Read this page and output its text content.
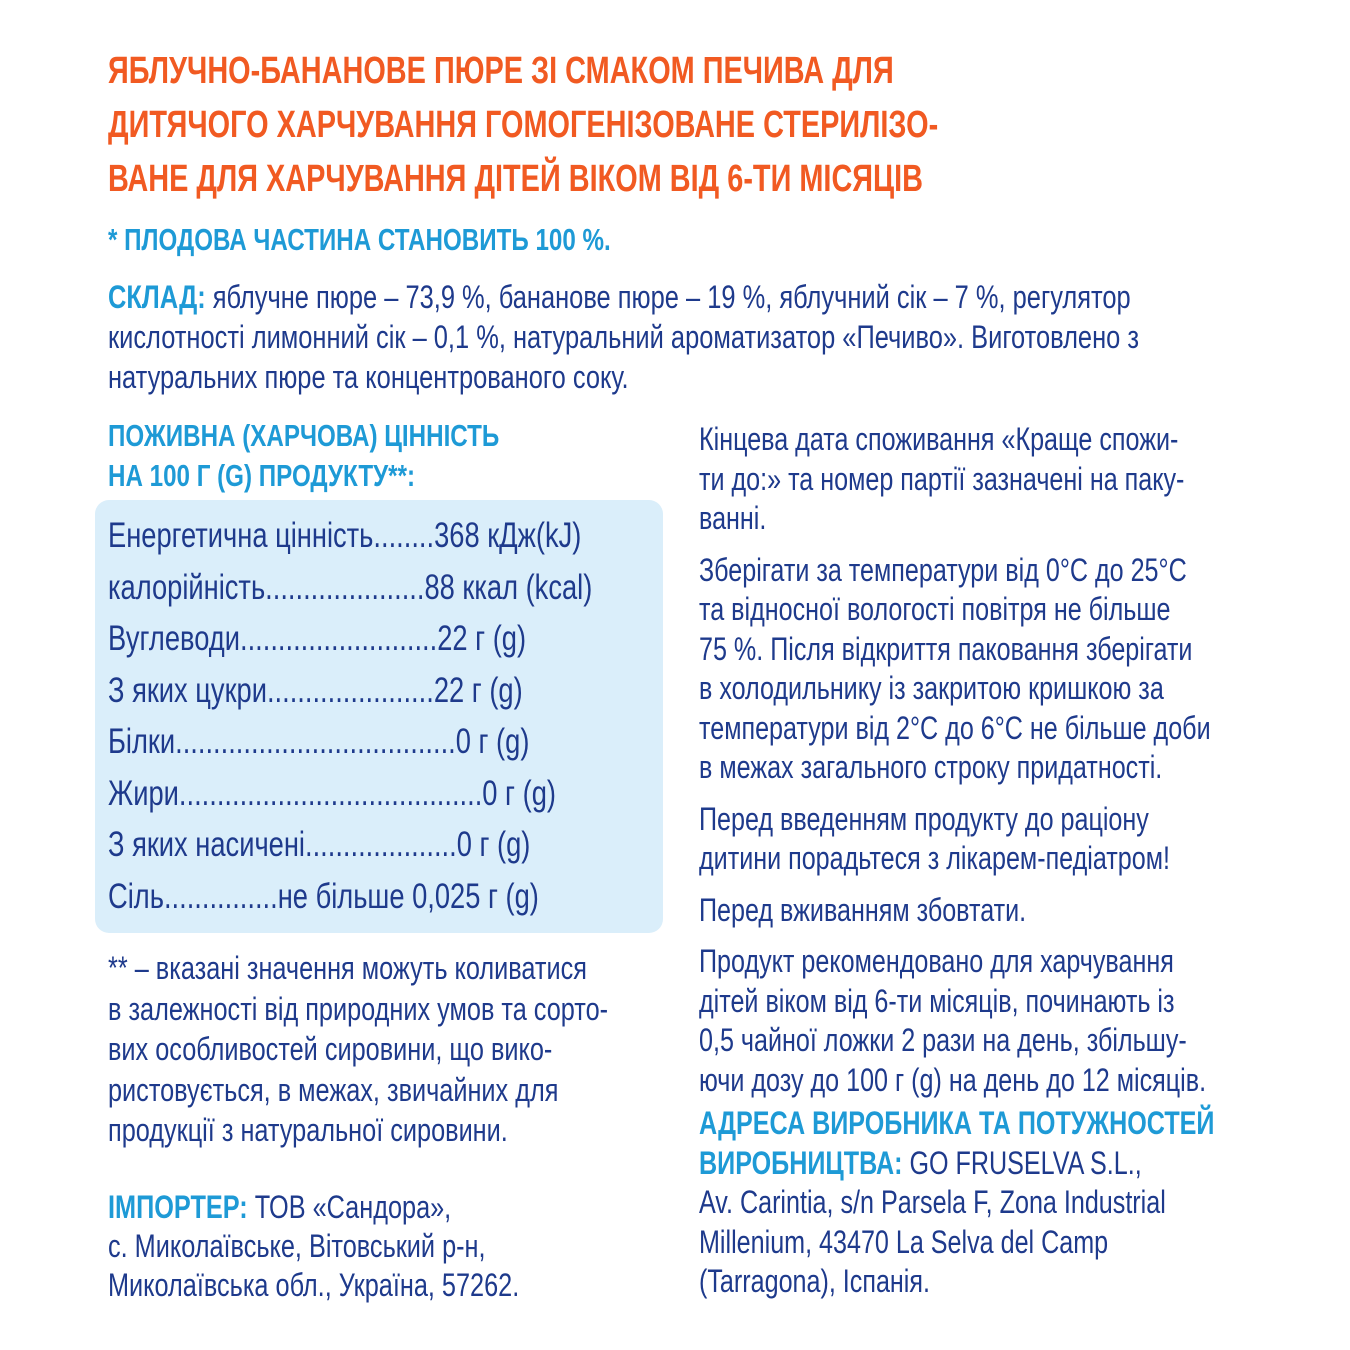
ЯБЛУЧНО-БАНАНОВЕ ПЮРЕ ЗІ СМАКОМ ПЕЧИВА ДЛЯ
ДИТЯЧОГО ХАРЧУВАННЯ ГОМОГЕНІЗОВАНЕ СТЕРИЛІЗО-
ВАНЕ ДЛЯ ХАРЧУВАННЯ ДІТЕЙ ВІКОМ ВІД 6-ТИ МІСЯЦІВ
* ПЛОДОВА ЧАСТИНА СТАНОВИТЬ 100 %.
СКЛАД: яблучне пюре – 73,9 %, бананове пюре – 19 %, яблучний сік – 7 %, регулятор
кислотності лимонний сік – 0,1 %, натуральний ароматизатор «Печиво». Виготовлено з
натуральних пюре та концентрованого соку.
ПОЖИВНА (ХАРЧОВА) ЦІННІСТЬ
НА 100 Г (G) ПРОДУКТУ**:
Енергетична цінність ........ 368 кДж(kJ)
калорійність ..................... 88 ккал (kcal)
Вуглеводи .......................... 22 г (g)
З яких цукри ...................... 22 г (g)
Білки ..................................... 0 г (g)
Жири ........................................ 0 г (g)
З яких насичені .................... 0 г (g)
Сіль ............... не більше 0,025 г (g)
** – вказані значення можуть коливатися
в залежності від природних умов та сорто-
вих особливостей сировини, що вико-
ристовується, в межах, звичайних для
продукції з натуральної сировини.
ІМПОРТЕР: ТОВ «Сандора»,
с. Миколаївське, Вітовський р-н,
Миколаївська обл., Україна, 57262.

Кінцева дата споживання «Краще спожи-
ти до:» та номер партії зазначені на паку-
ванні.

Зберігати за температури від 0°C до 25°C
та відносної вологості повітря не більше
75 %. Після відкриття паковання зберігати
в холодильнику із закритою кришкою за
температури від 2°C до 6°C не більше доби
в межах загального строку придатності.

Перед введенням продукту до раціону
дитини порадьтеся з лікарем-педіатром!

Перед вживанням збовтати.

Продукт рекомендовано для харчування
дітей віком від 6-ти місяців, починають із
0,5 чайної ложки 2 рази на день, збільшу-
ючи дозу до 100 г (g) на день до 12 місяців.

АДРЕСА ВИРОБНИКА ТА ПОТУЖНОСТЕЙ
ВИРОБНИЦТВА: GO FRUSELVA S.L.,
Av. Carintia, s/n Parsela F, Zona Industrial
Millenium, 43470 La Selva del Camp
(Tarragona), Іспанія.
